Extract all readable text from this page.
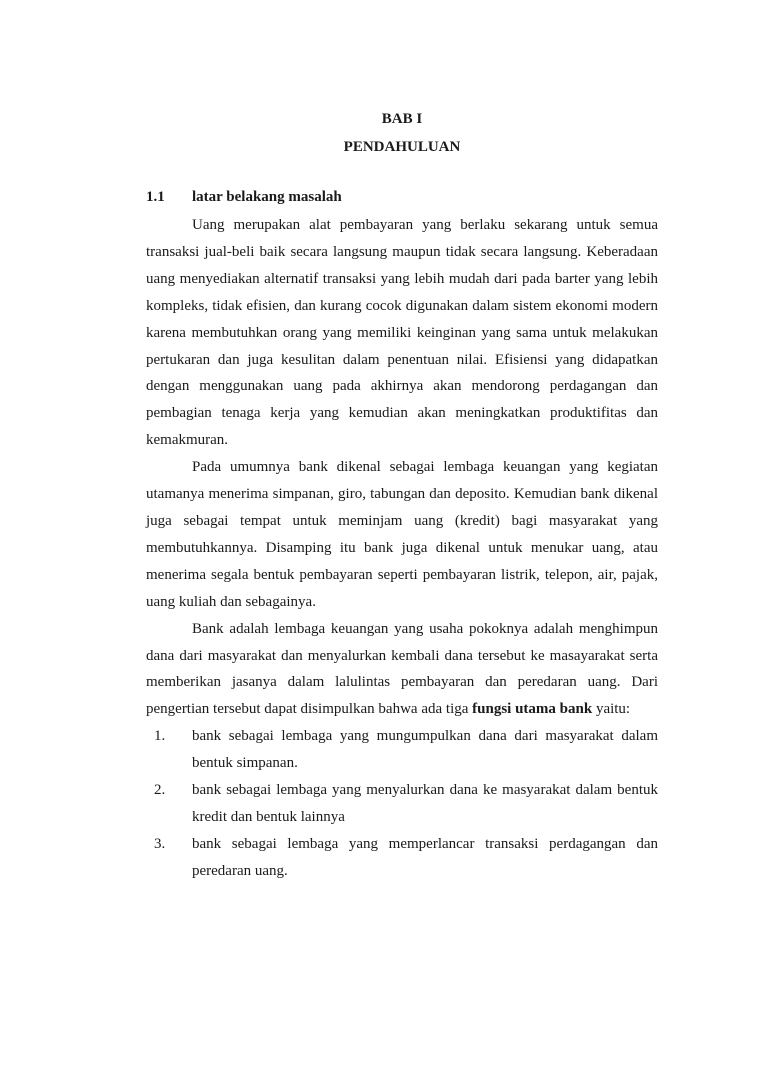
BAB I
PENDAHULUAN
1.1 latar belakang masalah

Uang merupakan alat pembayaran yang berlaku sekarang untuk semua transaksi jual-beli baik secara langsung maupun tidak secara langsung. Keberadaan uang menyediakan alternatif transaksi yang lebih mudah dari pada barter yang lebih kompleks, tidak efisien, dan kurang cocok digunakan dalam sistem ekonomi modern karena membutuhkan orang yang memiliki keinginan yang sama untuk melakukan pertukaran dan juga kesulitan dalam penentuan nilai. Efisiensi yang didapatkan dengan menggunakan uang pada akhirnya akan mendorong perdagangan dan pembagian tenaga kerja yang kemudian akan meningkatkan produktifitas dan kemakmuran.

Pada umumnya bank dikenal sebagai lembaga keuangan yang kegiatan utamanya menerima simpanan, giro, tabungan dan deposito. Kemudian bank dikenal juga sebagai tempat untuk meminjam uang (kredit) bagi masyarakat yang membutuhkannya. Disamping itu bank juga dikenal untuk menukar uang, atau menerima segala bentuk pembayaran seperti pembayaran listrik, telepon, air, pajak, uang kuliah dan sebagainya.

Bank adalah lembaga keuangan yang usaha pokoknya adalah menghimpun dana dari masyarakat dan menyalurkan kembali dana tersebut ke masayarakat serta memberikan jasanya dalam lalulintas pembayaran dan peredaran uang. Dari pengertian tersebut dapat disimpulkan bahwa ada tiga fungsi utama bank yaitu:

1. bank sebagai lembaga yang mungumpulkan dana dari masyarakat dalam bentuk simpanan.
2. bank sebagai lembaga yang menyalurkan dana ke masyarakat dalam bentuk kredit dan bentuk lainnya
3. bank sebagai lembaga yang memperlancar transaksi perdagangan dan peredaran uang.
